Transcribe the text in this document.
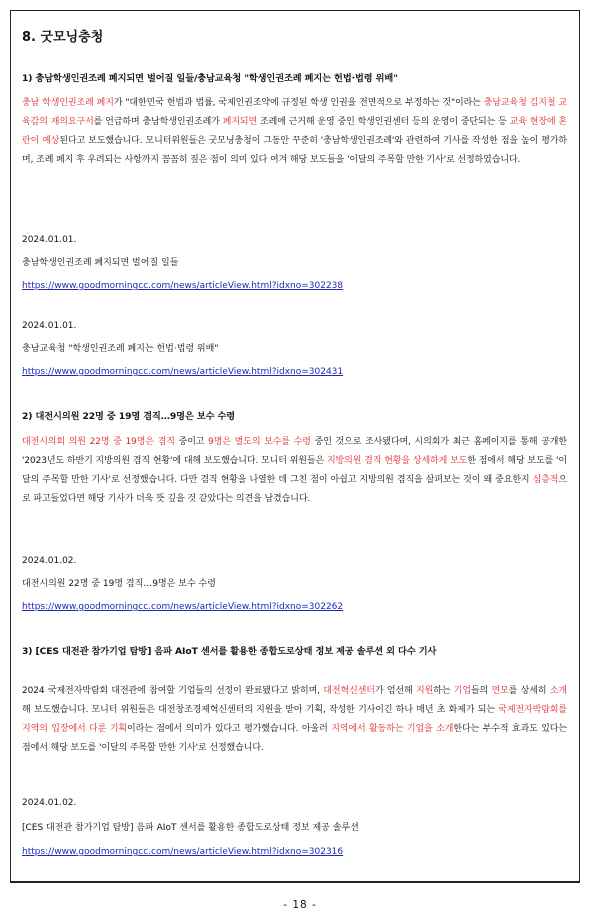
8. 굿모닝충청
1) 충남학생인권조례 폐지되면 벌어질 일들/충남교육청 "학생인권조례 폐지는 헌법·법령 위배"

충남 학생인권조례 폐지가 "대한민국 헌법과 법률, 국제인권조약에 규정된 학생 인권을 전면적으로 부정하는 것"이라는 충남교육청 김지철 교육감의 재의요구서를 언급하며 충남학생인권조례가 폐지되면 조례에 근거해 운영 중인 학생인권센터 등의 운영이 중단되는 등 교육 현장에 혼란이 예상된다고 보도했습니다. 모니터위원들은 굿모닝충청이 그동안 꾸준히 '충남학생인권조례'와 관련하여 기사를 작성한 점을 높이 평가하며, 조례 폐지 후 우려되는 사항까지 꼼꼼히 짚은 점이 의미 있다 여겨 해당 보도들을 '이달의 주목할 만한 기사'로 선정하였습니다.

2024.01.01.
충남학생인권조례 폐지되면 벌어질 일들
https://www.goodmorningcc.com/news/articleView.html?idxno=302238
2024.01.01.
충남교육청 "학생인권조례 폐지는 헌법·법령 위배"
https://www.goodmorningcc.com/news/articleView.html?idxno=302431
2) 대전시의원 22명 중 19명 겸직…9명은 보수 수령

대전시의회 의원 22명 중 19명은 겸직 중이고 9명은 별도의 보수를 수령 중인 것으로 조사됐다며, 시의회가 최근 홈페이지를 통해 공개한 '2023년도 하반기 지방의원 겸직 현황'에 대해 보도했습니다. 모니터 위원들은 지방의원 겸직 현황을 상세하게 보도한 점에서 해당 보도를 '이달의 주목할 만한 기사'로 선정했습니다. 다만 겸직 현황을 나열한 데 그친 점이 아쉽고 지방의원 겸직을 살펴보는 것이 왜 중요한지 심층적으로 파고들었다면 해당 기사가 더욱 뜻 깊을 것 같았다는 의견을 남겼습니다.

2024.01.02.
대전시의원 22명 중 19명 겸직…9명은 보수 수령
https://www.goodmorningcc.com/news/articleView.html?idxno=302262
3) [CES 대전관 참가기업 탐방] 음파 AIoT 센서를 활용한 종합도로상태 정보 제공 솔루션 외 다수 기사

2024 국제전자박람회 대전관에 참여할 기업들의 선정이 완료됐다고 밝히며, 대전혁신센터가 엄선해 지원하는 기업들의 면모를 상세히 소개해 보도했습니다. 모니터 위원들은 대전창조경제혁신센터의 지원을 받아 기획, 작성한 기사이긴 하나 매년 초 화제가 되는 국제전자박람회를 지역의 입장에서 다룬 기획이라는 점에서 의미가 있다고 평가했습니다. 아울러 지역에서 활동하는 기업을 소개한다는 부수적 효과도 있다는 점에서 해당 보도를 '이달의 주목할 만한 기사'로 선정했습니다.

2024.01.02.
[CES 대전관 참가기업 탐방] 음파 AIoT 센서를 활용한 종합도로상태 정보 제공 솔루션
https://www.goodmorningcc.com/news/articleView.html?idxno=302316
- 18 -
